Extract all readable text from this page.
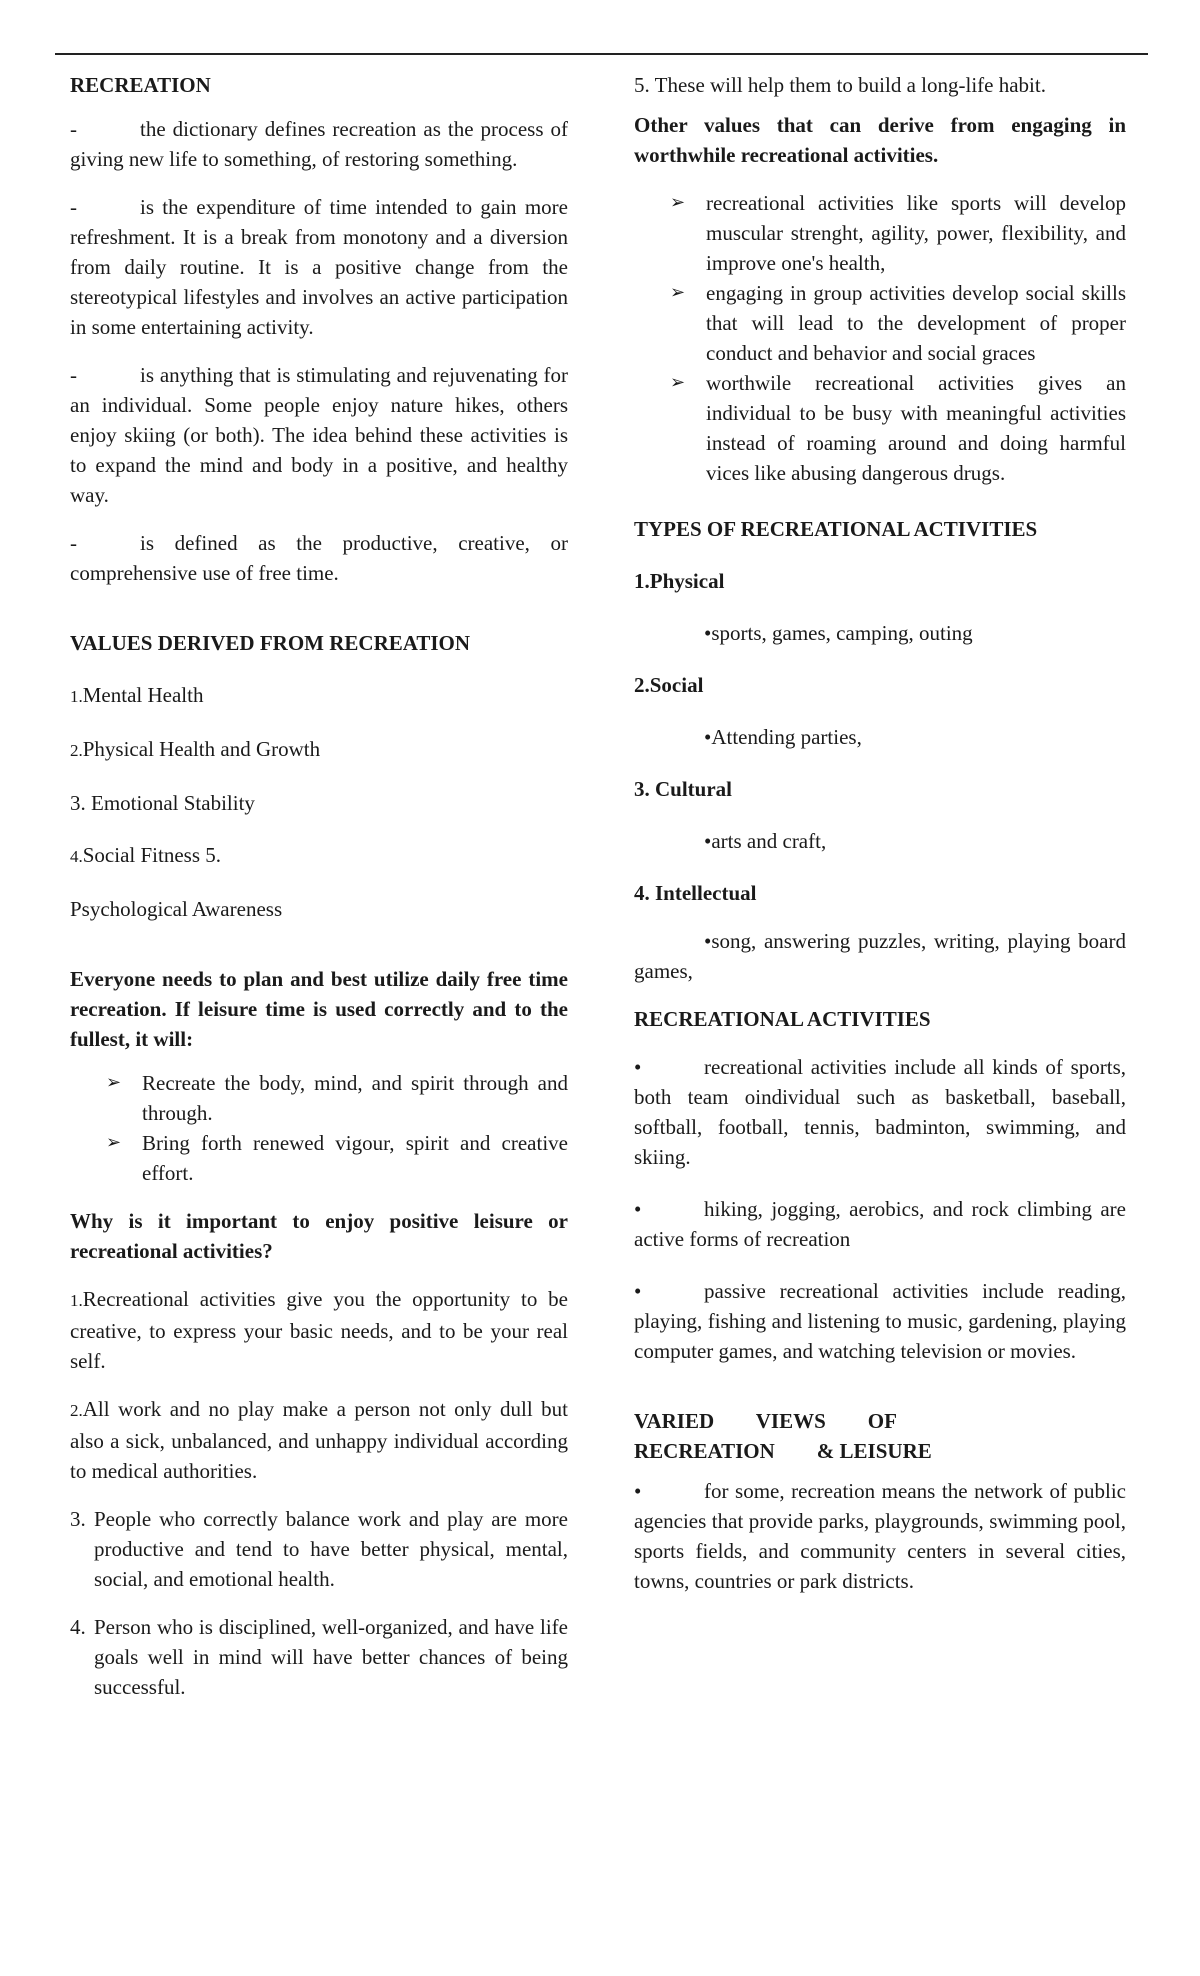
RECREATION

-	the dictionary defines recreation as the process of giving new life to something, of restoring something.

-	is the expenditure of time intended to gain more refreshment. It is a break from monotony and a diversion from daily routine. It is a positive change from the stereotypical lifestyles and involves an active participation in some entertaining activity.

-	is anything that is stimulating and rejuvenating for an individual. Some people enjoy nature hikes, others enjoy skiing (or both). The idea behind these activities is to expand the mind and body in a positive, and healthy way.

-	is defined as the productive, creative, or comprehensive use of free time.

VALUES DERIVED FROM RECREATION

1.Mental Health

2.Physical Health and Growth

3. Emotional Stability

4.Social Fitness 5.

Psychological Awareness

Everyone needs to plan and best utilize daily free time recreation. If leisure time is used correctly and to the fullest, it will:

➢ Recreate the body, mind, and spirit through and through.
➢ Bring forth renewed vigour, spirit and creative effort.

Why is it important to enjoy positive leisure or recreational activities?

1.Recreational activities give you the opportunity to be creative, to express your basic needs, and to be your real self.

2.All work and no play make a person not only dull but also a sick, unbalanced, and unhappy individual according to medical authorities.

3. People who correctly balance work and play are more productive and tend to have better physical, mental, social, and emotional health.
4. Person who is disciplined, well-organized, and have life goals well in mind will have better chances of being successful.

5. These will help them to build a long-life habit.

Other values that can derive from engaging in worthwhile recreational activities.

➢ recreational activities like sports will develop muscular strenght, agility, power, flexibility, and improve one's health,
➢ engaging in group activities develop social skills that will lead to the development of proper conduct and behavior and social graces
➢ worthwile recreational activities gives an individual to be busy with meaningful activities instead of roaming around and doing harmful vices like abusing dangerous drugs.

TYPES OF RECREATIONAL ACTIVITIES

1.Physical

•sports, games, camping, outing

2.Social

•Attending parties,

3. Cultural

•arts and craft,

4. Intellectual

•song, answering puzzles, writing, playing board games,

RECREATIONAL ACTIVITIES

•	recreational activities include all kinds of sports, both team oindividual such as basketball, baseball, softball, football, tennis, badminton, swimming, and skiing.

•	hiking, jogging, aerobics, and rock climbing are active forms of recreation

•	passive recreational activities include reading, playing, fishing and listening to music, gardening, playing computer games, and watching television or movies.

VARIED        VIEWS        OF

RECREATION        & LEISURE

•	for some, recreation means the network of public agencies that provide parks, playgrounds, swimming pool, sports fields, and community centers in several cities, towns, countries or park districts.
